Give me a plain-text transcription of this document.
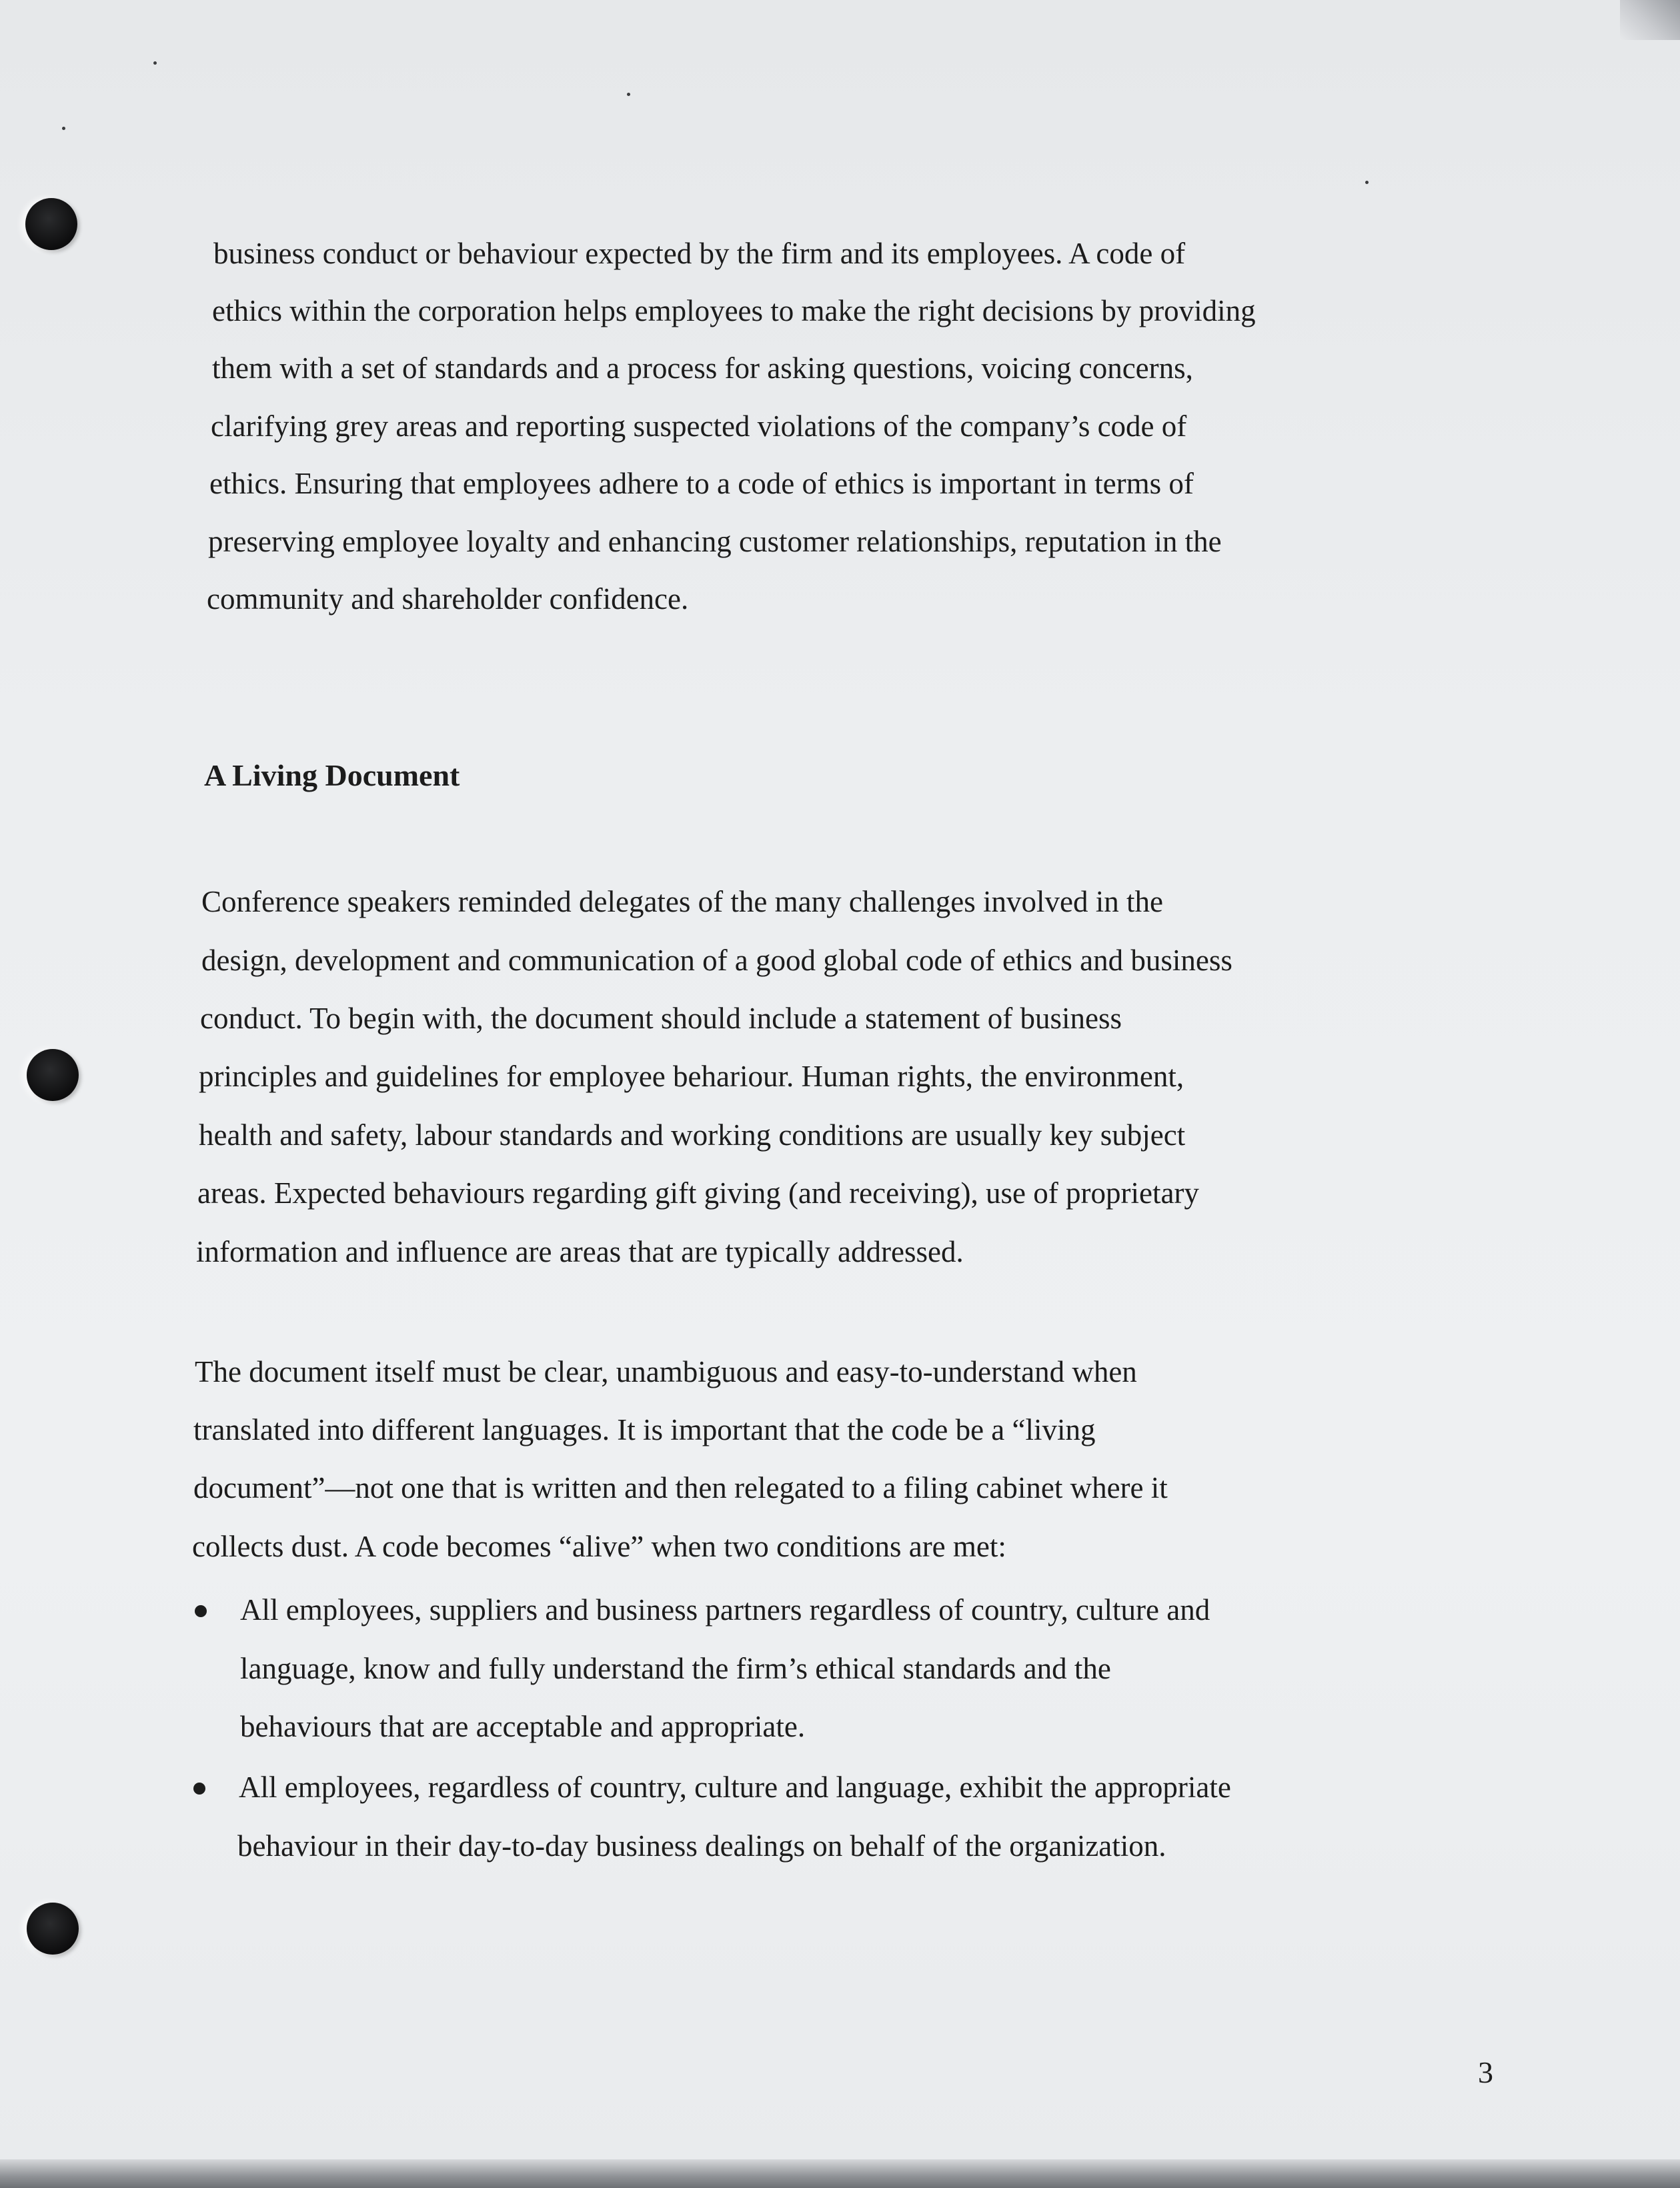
business conduct or behaviour expected by the firm and its employees. A code of
ethics within the corporation helps employees to make the right decisions by providing
them with a set of standards and a process for asking questions, voicing concerns,
clarifying grey areas and reporting suspected violations of the company’s code of
ethics. Ensuring that employees adhere to a code of ethics is important in terms of
preserving employee loyalty and enhancing customer relationships, reputation in the
community and shareholder confidence.
A Living Document
Conference speakers reminded delegates of the many challenges involved in the
design, development and communication of a good global code of ethics and business
conduct. To begin with, the document should include a statement of business
principles and guidelines for employee behariour. Human rights, the environment,
health and safety, labour standards and working conditions are usually key subject
areas. Expected behaviours regarding gift giving (and receiving), use of proprietary
information and influence are areas that are typically addressed.
The document itself must be clear, unambiguous and easy-to-understand when
translated into different languages. It is important that the code be a “living
document”—not one that is written and then relegated to a filing cabinet where it
collects dust. A code becomes “alive” when two conditions are met:
All employees, suppliers and business partners regardless of country, culture and
language, know and fully understand the firm’s ethical standards and the
behaviours that are acceptable and appropriate.
All employees, regardless of country, culture and language, exhibit the appropriate
behaviour in their day-to-day business dealings on behalf of the organization.
3
